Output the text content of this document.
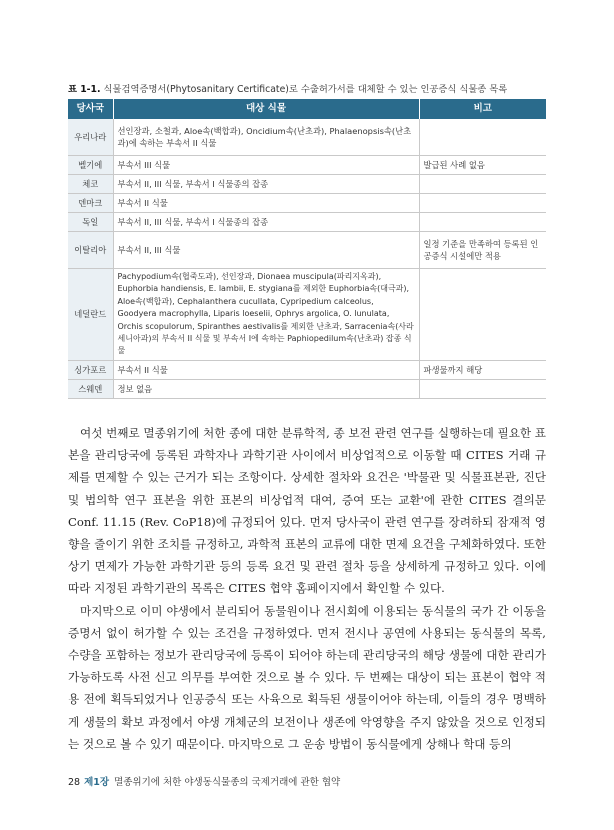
표 1-1. 식물검역증명서(Phytosanitary Certificate)로 수출허가서를 대체할 수 있는 인공증식 식물종 목록
당사국	대상 식물	비고
우리나라	선인장과, 소철과, Aloe속(백합과), Oncidium속(난초과), Phalaenopsis속(난초과)에 속하는 부속서 II 식물	
벨기에	부속서 III 식물	발급된 사례 없음
체코	부속서 II, III 식물, 부속서 I 식물종의 잡종	
덴마크	부속서 II 식물	
독일	부속서 II, III 식물, 부속서 I 식물종의 잡종	
이탈리아	부속서 II, III 식물	일정 기준을 만족하여 등록된 인공증식 시설에만 적용
네덜란드	Pachypodium속(협죽도과), 선인장과, Dionaea muscipula(파리지옥과), Euphorbia handiensis, E. lambii, E. stygiana를 제외한 Euphorbia속(대극과), Aloe속(백합과), Cephalanthera cucullata, Cypripedium calceolus, Goodyera macrophylla, Liparis loeselii, Ophrys argolica, O. lunulata, Orchis scopulorum, Spiranthes aestivalis를 제외한 난초과, Sarracenia속(사라세니아과)의 부속서 II 식물 및 부속서 I에 속하는 Paphiopedilum속(난초과) 잡종 식물	
싱가포르	부속서 II 식물	파생물까지 해당
스웨덴	정보 없음	

여섯 번째로 멸종위기에 처한 종에 대한 분류학적, 종 보전 관련 연구를 실행하는데 필요한 표본을 관리당국에 등록된 과학자나 과학기관 사이에서 비상업적으로 이동할 때 CITES 거래 규제를 면제할 수 있는 근거가 되는 조항이다. 상세한 절차와 요건은 '박물관 및 식물표본관, 진단 및 법의학 연구 표본을 위한 표본의 비상업적 대여, 증여 또는 교환'에 관한 CITES 결의문 Conf. 11.15 (Rev. CoP18)에 규정되어 있다. 먼저 당사국이 관련 연구를 장려하되 잠재적 영향을 줄이기 위한 조치를 규정하고, 과학적 표본의 교류에 대한 면제 요건을 구체화하였다. 또한 상기 면제가 가능한 과학기관 등의 등록 요건 및 관련 절차 등을 상세하게 규정하고 있다. 이에 따라 지정된 과학기관의 목록은 CITES 협약 홈페이지에서 확인할 수 있다.

마지막으로 이미 야생에서 분리되어 동물원이나 전시회에 이용되는 동식물의 국가 간 이동을 증명서 없이 허가할 수 있는 조건을 규정하였다. 먼저 전시나 공연에 사용되는 동식물의 목록, 수량을 포함하는 정보가 관리당국에 등록이 되어야 하는데 관리당국의 해당 생물에 대한 관리가 가능하도록 사전 신고 의무를 부여한 것으로 볼 수 있다. 두 번째는 대상이 되는 표본이 협약 적용 전에 획득되었거나 인공증식 또는 사육으로 획득된 생물이어야 하는데, 이들의 경우 명백하게 생물의 확보 과정에서 야생 개체군의 보전이나 생존에 악영향을 주지 않았을 것으로 인정되는 것으로 볼 수 있기 때문이다. 마지막으로 그 운송 방법이 동식물에게 상해나 학대 등의

28 제1장 멸종위기에 처한 야생동식물종의 국제거래에 관한 협약
